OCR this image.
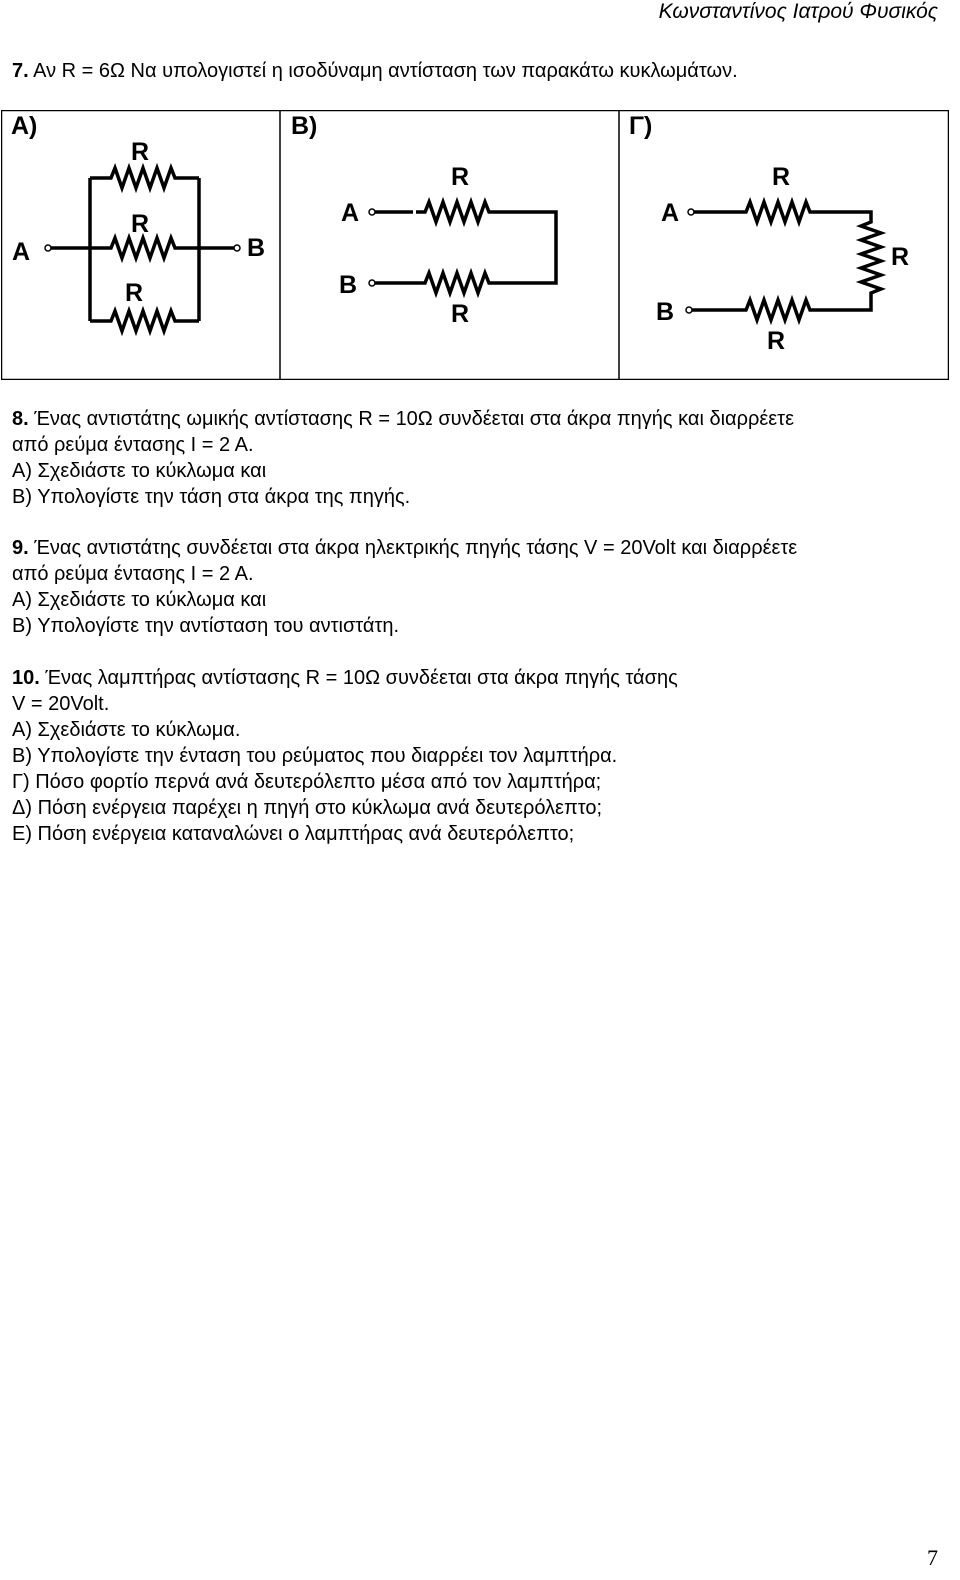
Κωνσταντίνος Ιατρού Φυσικός
7. Αν R = 6Ω Να υπολογιστεί η ισοδύναμη αντίσταση των παρακάτω κυκλωμάτων.
Α)
Α	Β
R
R
R
Β)
Α
Β
R
R
Γ)
Α
Β
R
R
R
8. Ένας αντιστάτης ωμικής αντίστασης R = 10Ω συνδέεται στα άκρα πηγής και διαρρέετε
από ρεύμα έντασης I = 2 A.
Α) Σχεδιάστε το κύκλωμα και
Β) Υπολογίστε την τάση στα άκρα της πηγής.
9. Ένας αντιστάτης συνδέεται στα άκρα ηλεκτρικής πηγής τάσης V = 20Volt και διαρρέετε
από ρεύμα έντασης I = 2 A.
Α) Σχεδιάστε το κύκλωμα και
Β) Υπολογίστε την αντίσταση του αντιστάτη.
10. Ένας λαμπτήρας αντίστασης R = 10Ω συνδέεται στα άκρα πηγής τάσης
V = 20Volt.
Α) Σχεδιάστε το κύκλωμα.
Β) Υπολογίστε την ένταση του ρεύματος που διαρρέει τον λαμπτήρα.
Γ) Πόσο φορτίο περνά ανά δευτερόλεπτο μέσα από τον λαμπτήρα;
Δ) Πόση ενέργεια παρέχει η πηγή στο κύκλωμα ανά δευτερόλεπτο;
Ε) Πόση ενέργεια καταναλώνει ο λαμπτήρας ανά δευτερόλεπτο;
7
